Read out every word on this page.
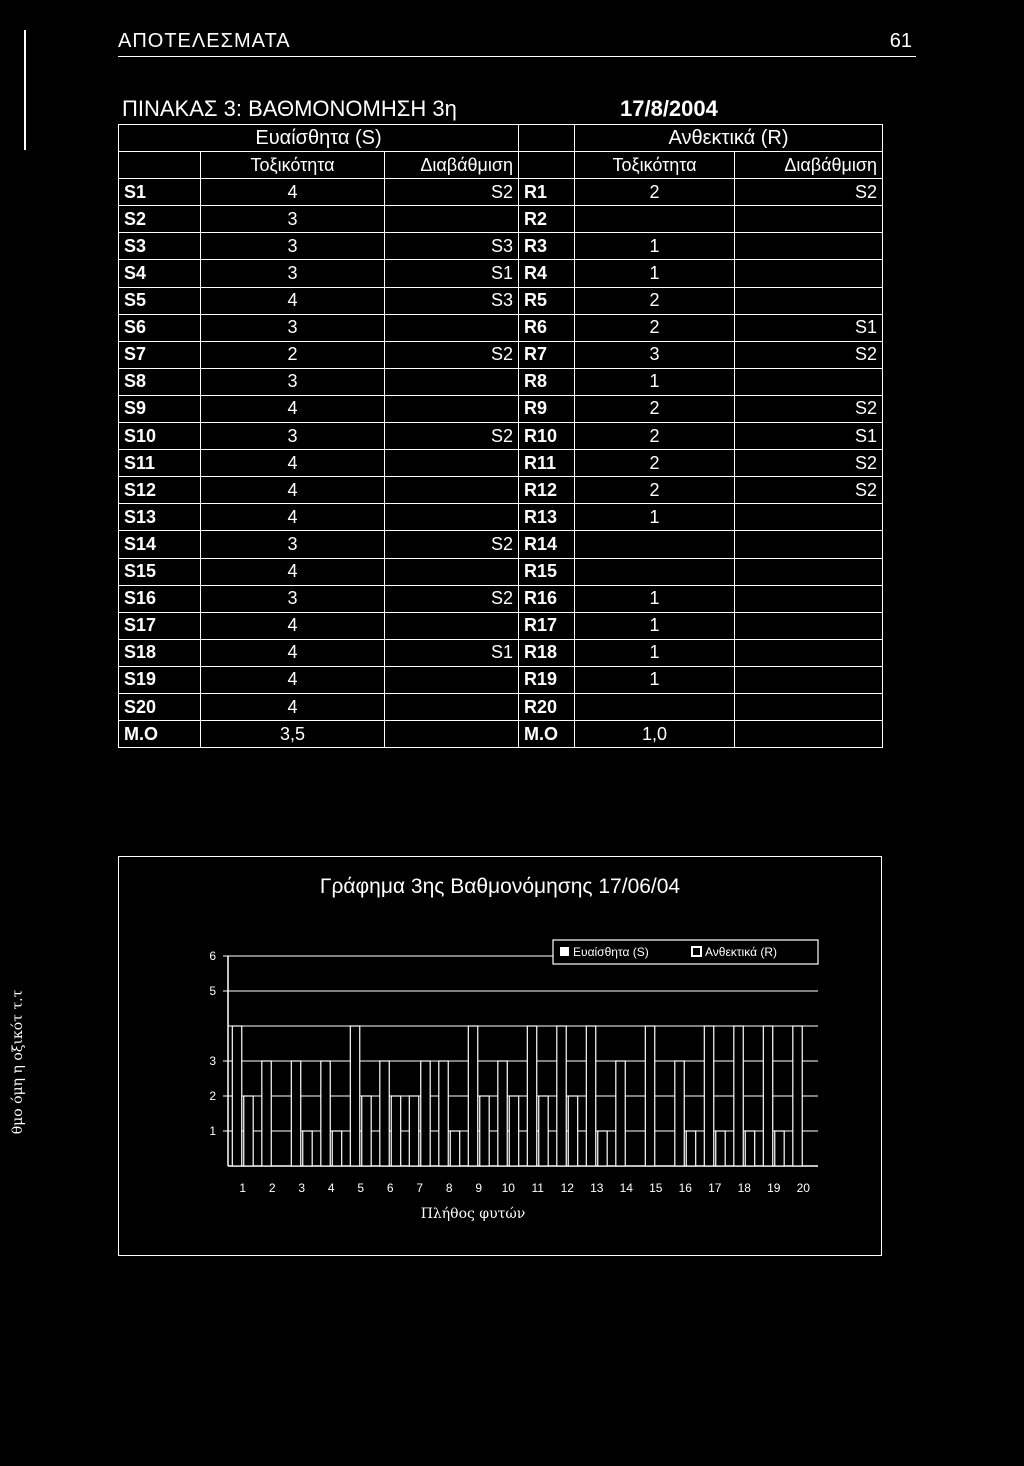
ΑΠΟΤΕΛΕΣΜΑΤΑ	61
ΠΙΝΑΚΑΣ 3: ΒΑΘΜΟΝΟΜΗΣΗ 3η	17/8/2004
Ευαίσθητα (S)				Ανθεκτικά (R)	
	Τοξικότητα	Διαβάθμιση		Τοξικότητα	Διαβάθμιση
S1	4	S2	R1	2	S2
S2	3		R2		
S3	3	S3	R3	1	
S4	3	S1	R4	1	
S5	4	S3	R5	2	
S6	3		R6	2	S1
S7	2	S2	R7	3	S2
S8	3		R8	1	
S9	4		R9	2	S2
S10	3	S2	R10	2	S1
S11	4		R11	2	S2
S12	4		R12	2	S2
S13	4		R13	1	
S14	3	S2	R14		
S15	4		R15		
S16	3	S2	R16	1	
S17	4		R17	1	
S18	4	S1	R18	1	
S19	4		R19	1	
S20	4		R20		
Μ.Ο	3,5		Μ.Ο	1,0	
Γράφημα 3ης Βαθμονόμησης 17/06/04
θμο όμη η οξικότ τ.τ	1
2
3
5
6
1 2 3 4 5 6 7 8 9 10 11 12 13 14 15 16 17 18 19 20
Πλήθος φυτών
Ευαίσθητα (S)	Ανθεκτικά (R)
